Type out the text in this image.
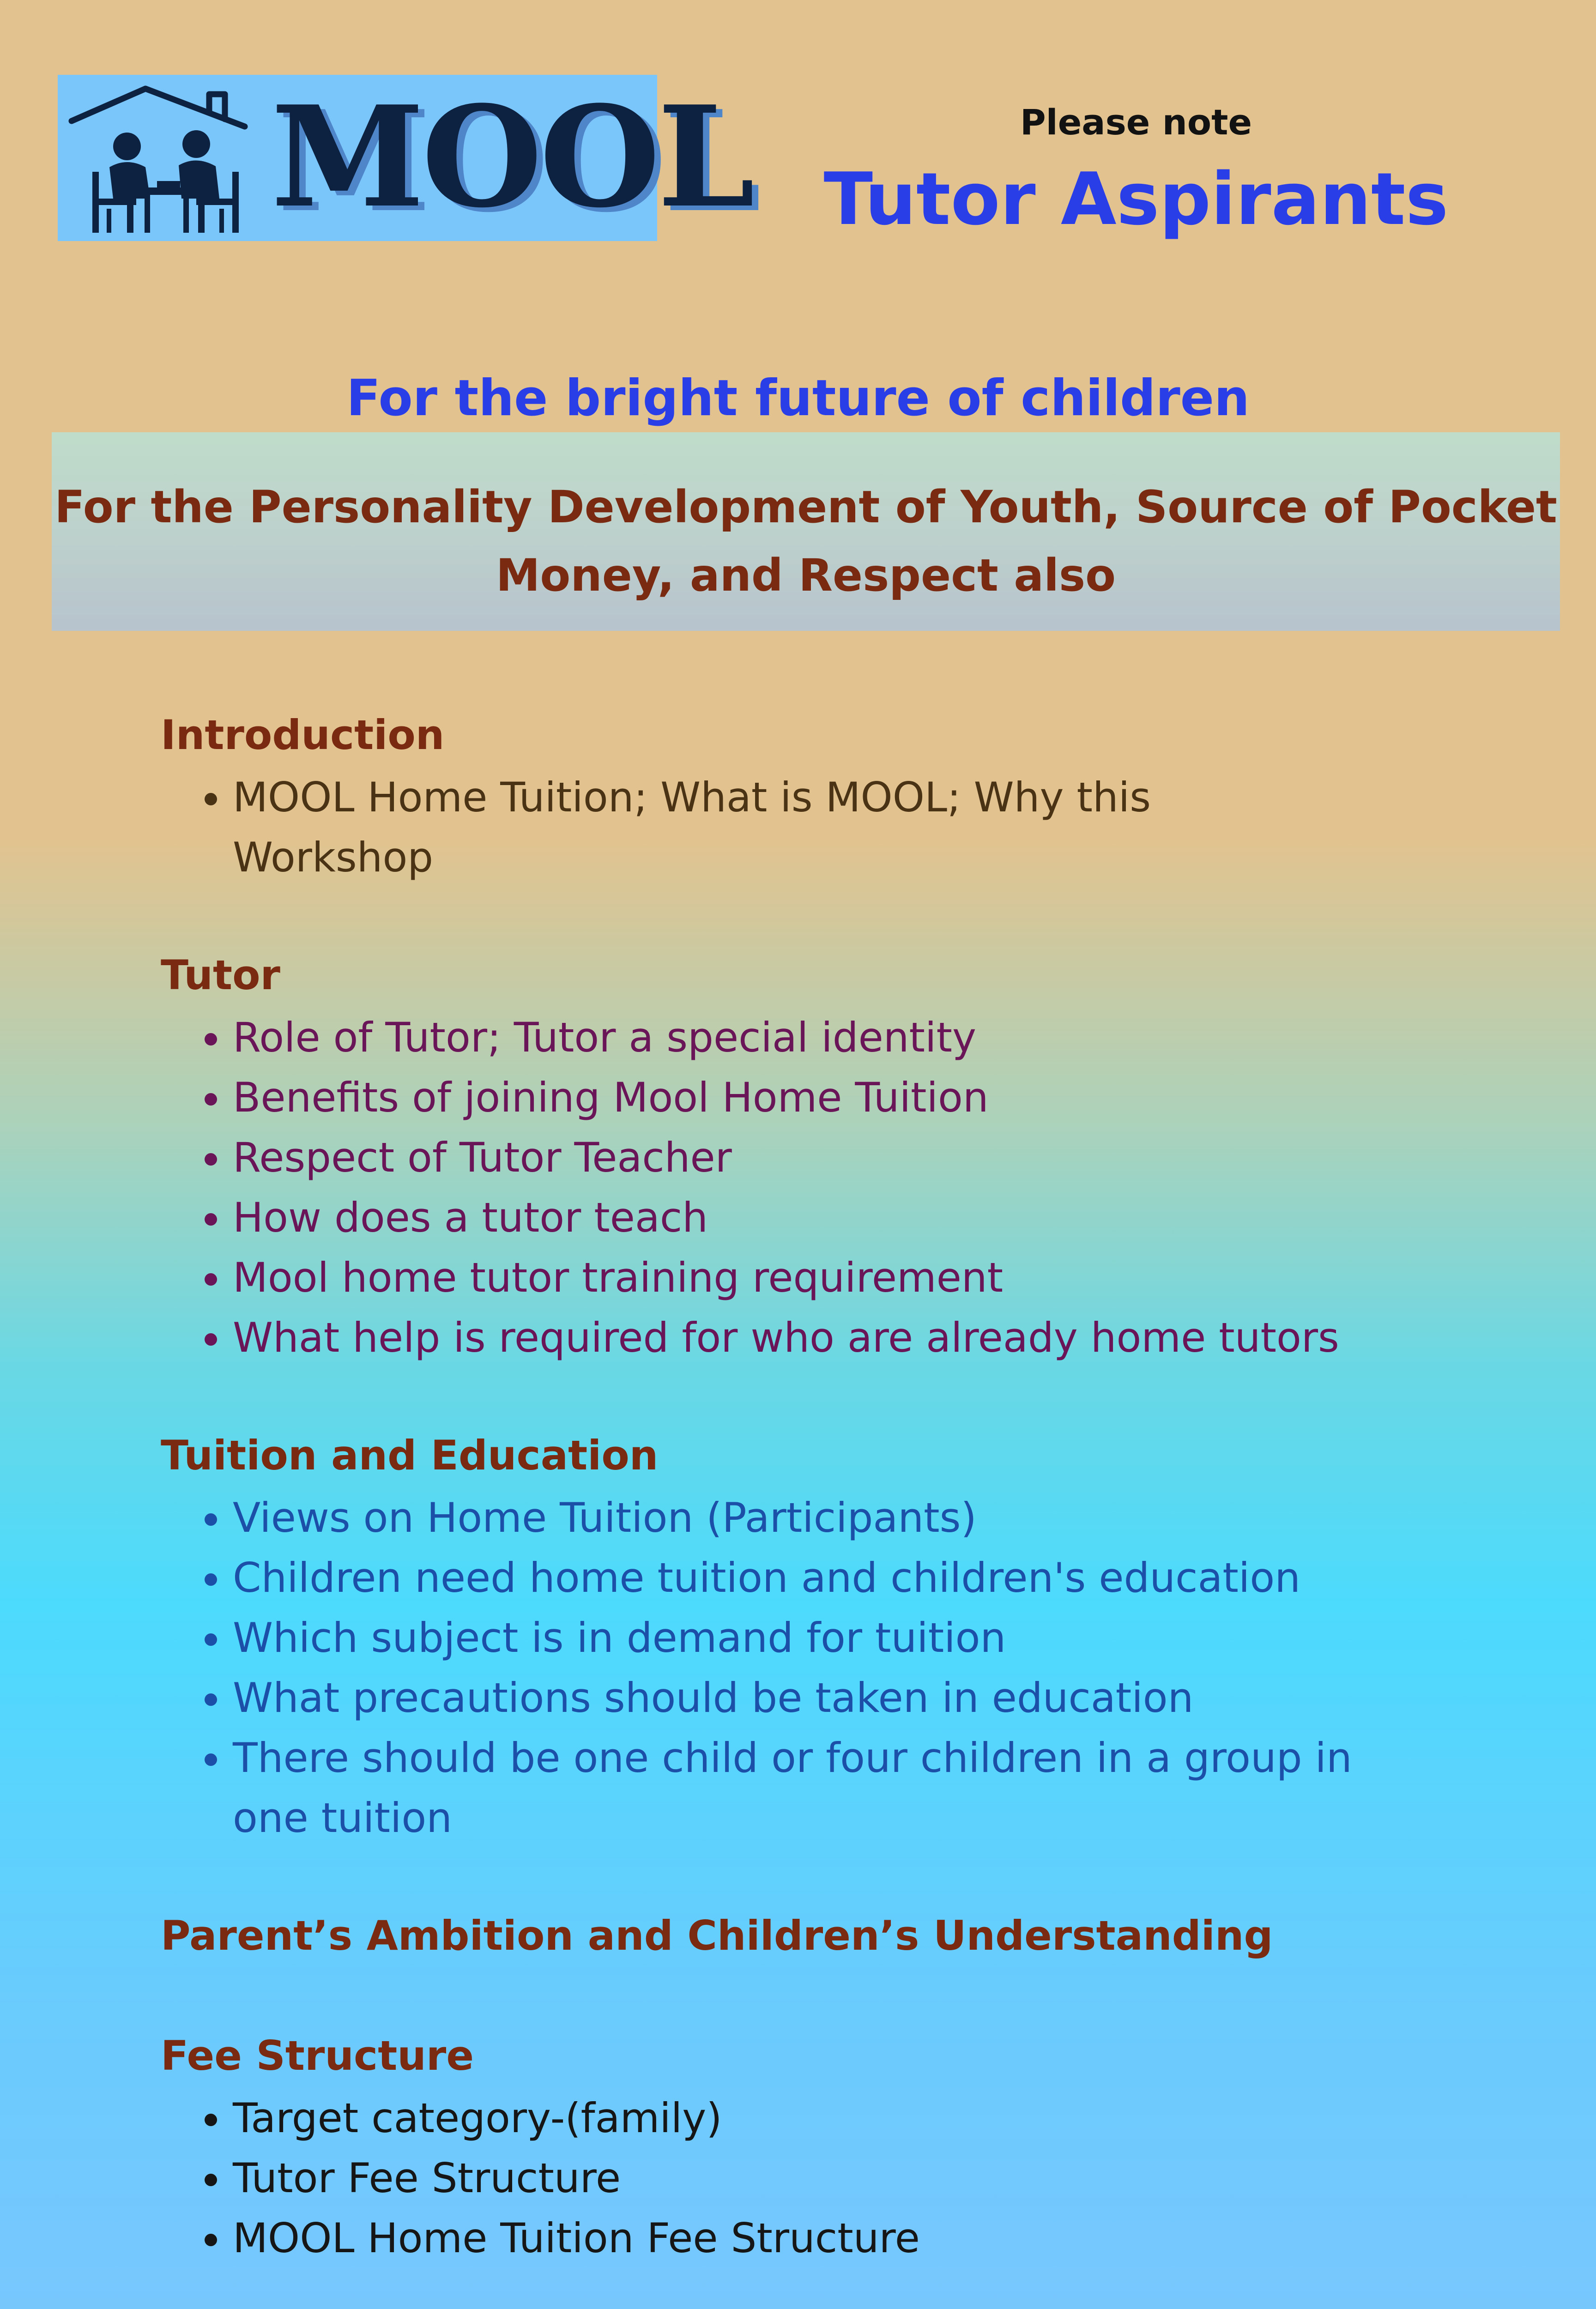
MOOL	Please note
Tutor Aspirants
For the bright future of children
For the Personality Development of Youth, Source of Pocket Money, and Respect also
Introduction
• MOOL Home Tuition; What is MOOL; Why this Workshop
Tutor
• Role of Tutor; Tutor a special identity
• Benefits of joining Mool Home Tuition
• Respect of Tutor Teacher
• How does a tutor teach
• Mool home tutor training requirement
• What help is required for who are already home tutors
Tuition and Education
• Views on Home Tuition (Participants)
• Children need home tuition and children's education
• Which subject is in demand for tuition
• What precautions should be taken in education
• There should be one child or four children in a group in one tuition
Parent’s Ambition and Children’s Understanding
Fee Structure
• Target category-(family)
• Tutor Fee Structure
• MOOL Home Tuition Fee Structure
